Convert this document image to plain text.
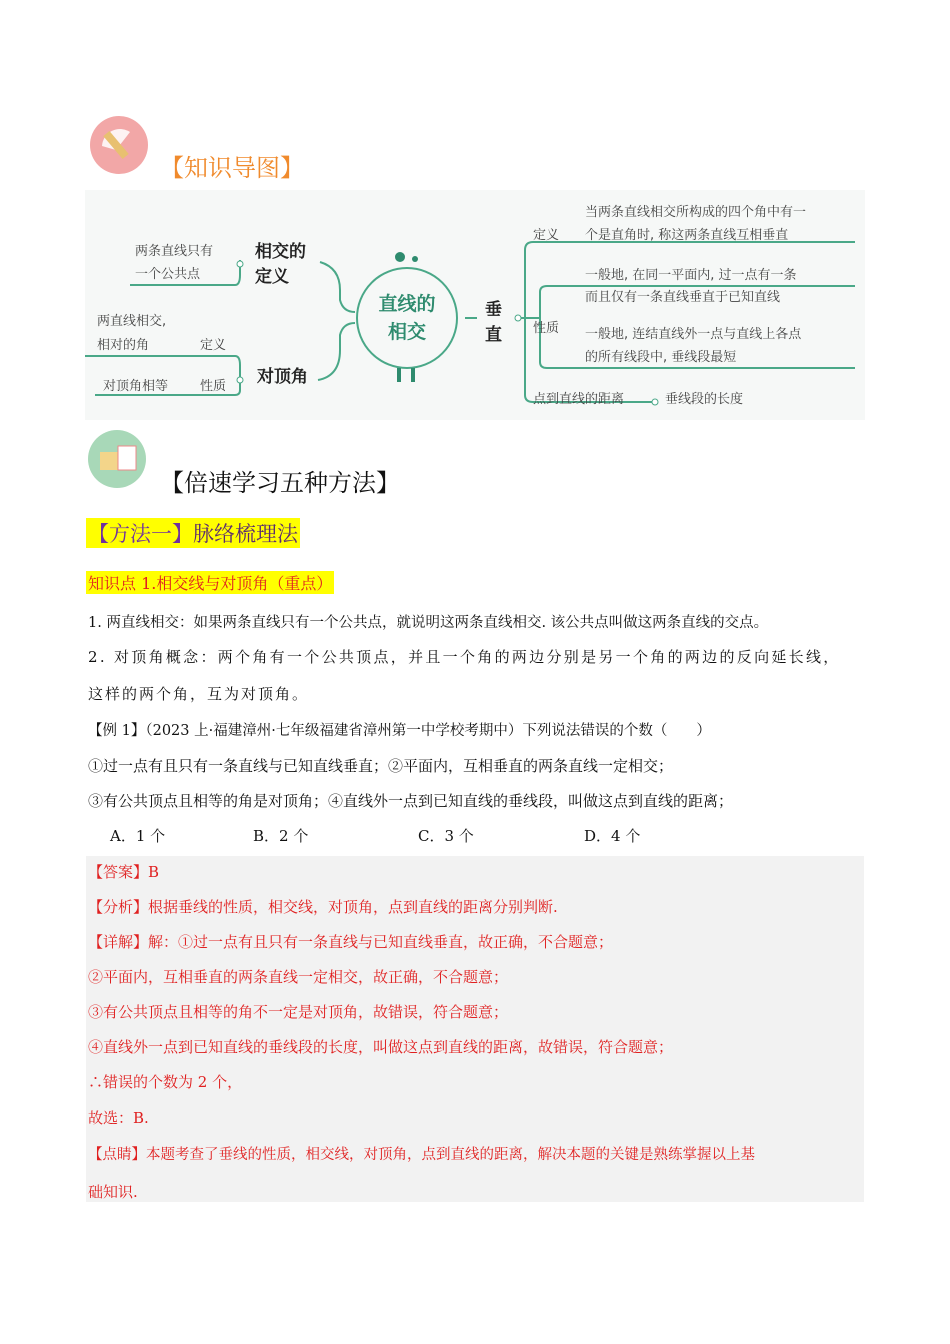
【知识导图】
两条直线只有
一个公共点
相交的
定义
两直线相交,
相对的角	定义
对顶角相等 性质 对顶角
直线的
相交
垂
直
定义
当两条直线相交所构成的四个角中有一
个是直角时, 称这两条直线互相垂直
性质
一般地, 在同一平面内, 过一点有一条
而且仅有一条直线垂直于已知直线
一般地, 连结直线外一点与直线上各点
的所有线段中, 垂线段最短
点到直线的距离	垂线段的长度
【倍速学习五种方法】
【方法一】脉络梳理法
知识点 1.相交线与对顶角（重点）
1. 两直线相交：如果两条直线只有一个公共点，就说明这两条直线相交. 该公共点叫做这两条直线的交点。
2. 对顶角概念：两个角有一个公共顶点，并且一个角的两边分别是另一个角的两边的反向延长线，
这样的两个角，互为对顶角。
【例 1】（2023 上·福建漳州·七年级福建省漳州第一中学校考期中）下列说法错误的个数（　　）
①过一点有且只有一条直线与已知直线垂直；②平面内，互相垂直的两条直线一定相交；
③有公共顶点且相等的角是对顶角；④直线外一点到已知直线的垂线段，叫做这点到直线的距离；
A．1 个	B．2 个	C．3 个	D．4 个
【答案】B
【分析】根据垂线的性质，相交线，对顶角，点到直线的距离分别判断.
【详解】解：①过一点有且只有一条直线与已知直线垂直，故正确，不合题意；
②平面内，互相垂直的两条直线一定相交，故正确，不合题意；
③有公共顶点且相等的角不一定是对顶角，故错误，符合题意；
④直线外一点到已知直线的垂线段的长度，叫做这点到直线的距离，故错误，符合题意；
∴错误的个数为 2 个，
故选：B.
【点睛】本题考查了垂线的性质，相交线，对顶角，点到直线的距离，解决本题的关键是熟练掌握以上基
础知识.
